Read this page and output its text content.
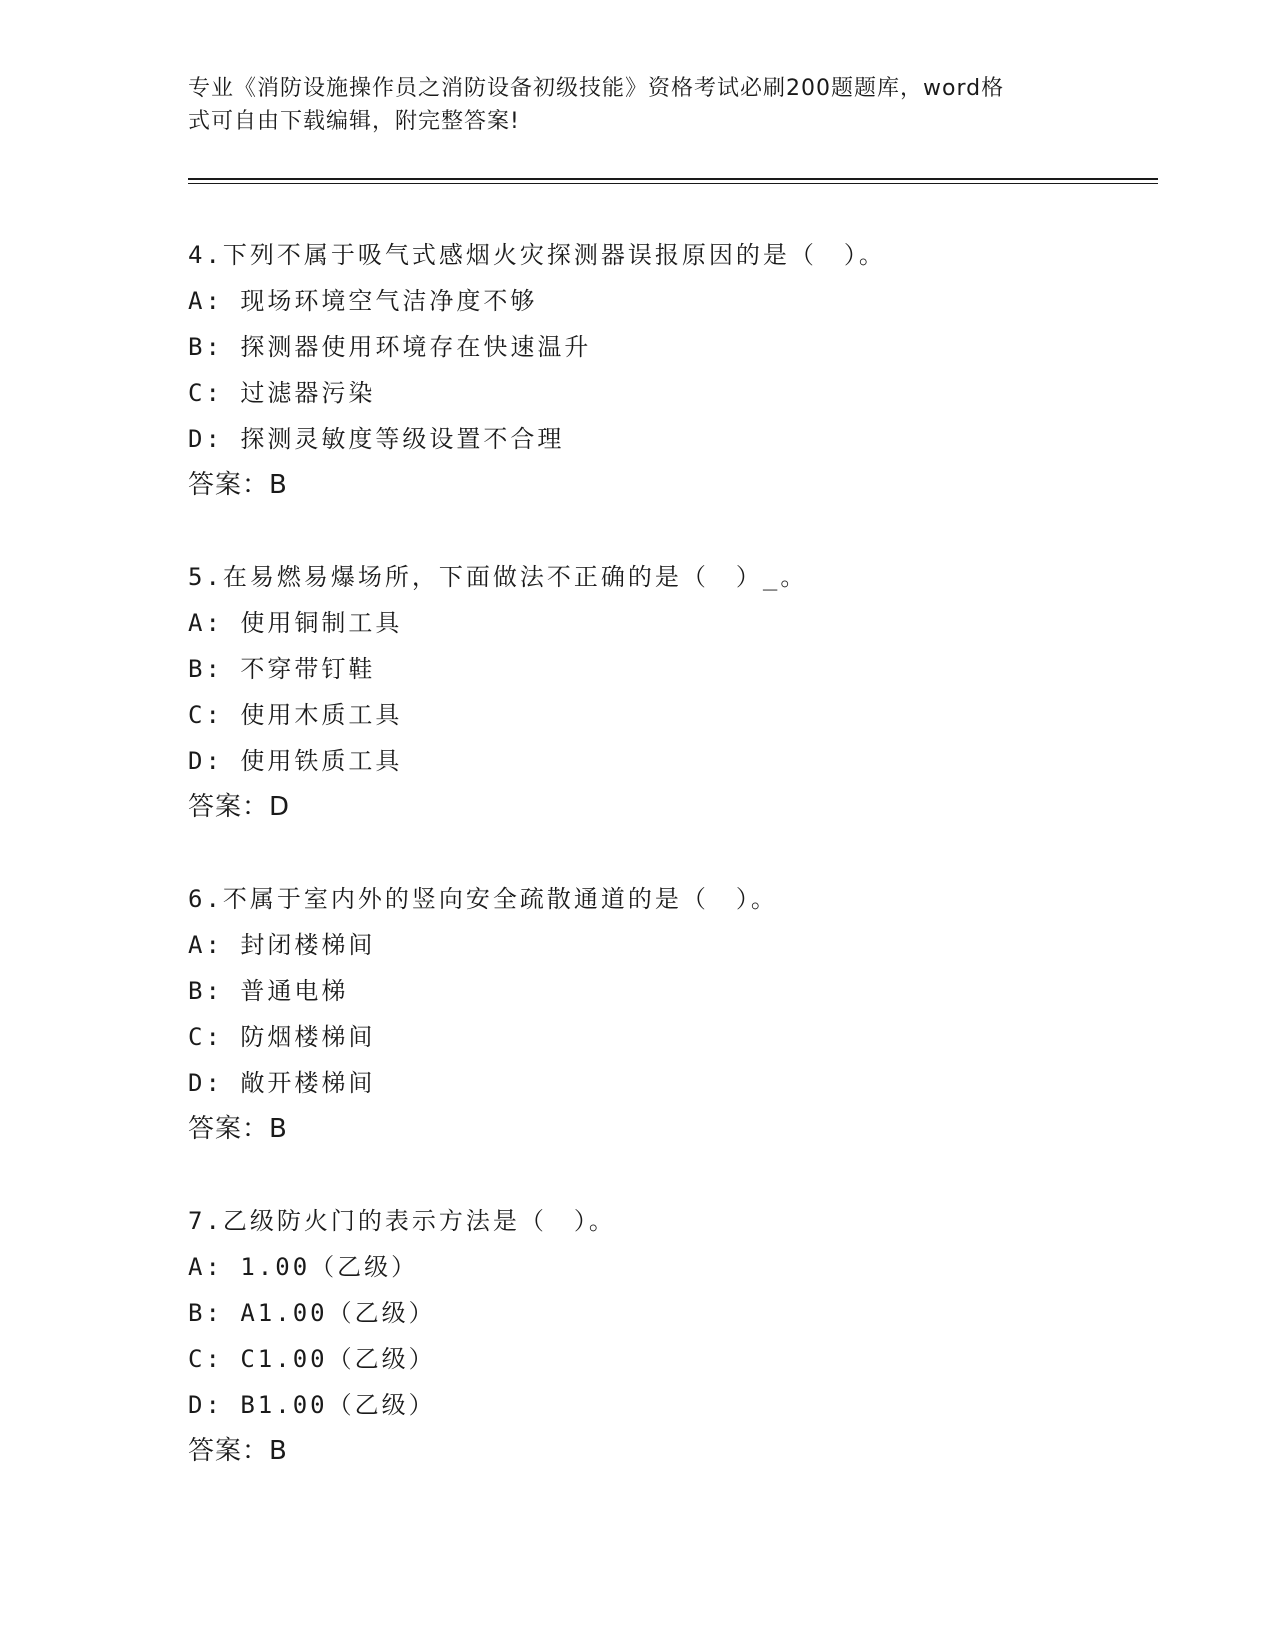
专业《消防设施操作员之消防设备初级技能》资格考试必刷200题题库，word格
式可自由下载编辑，附完整答案!
4.下列不属于吸气式感烟火灾探测器误报原因的是（　）。
A: 现场环境空气洁净度不够
B: 探测器使用环境存在快速温升
C: 过滤器污染
D: 探测灵敏度等级设置不合理
答案：B
5.在易燃易爆场所，下面做法不正确的是（　）_。
A: 使用铜制工具
B: 不穿带钉鞋
C: 使用木质工具
D: 使用铁质工具
答案：D
6.不属于室内外的竖向安全疏散通道的是（　）。
A: 封闭楼梯间
B: 普通电梯
C: 防烟楼梯间
D: 敞开楼梯间
答案：B
7.乙级防火门的表示方法是（　）。
A: 1.00（乙级）
B: A1.00（乙级）
C: C1.00（乙级）
D: B1.00（乙级）
答案：B
